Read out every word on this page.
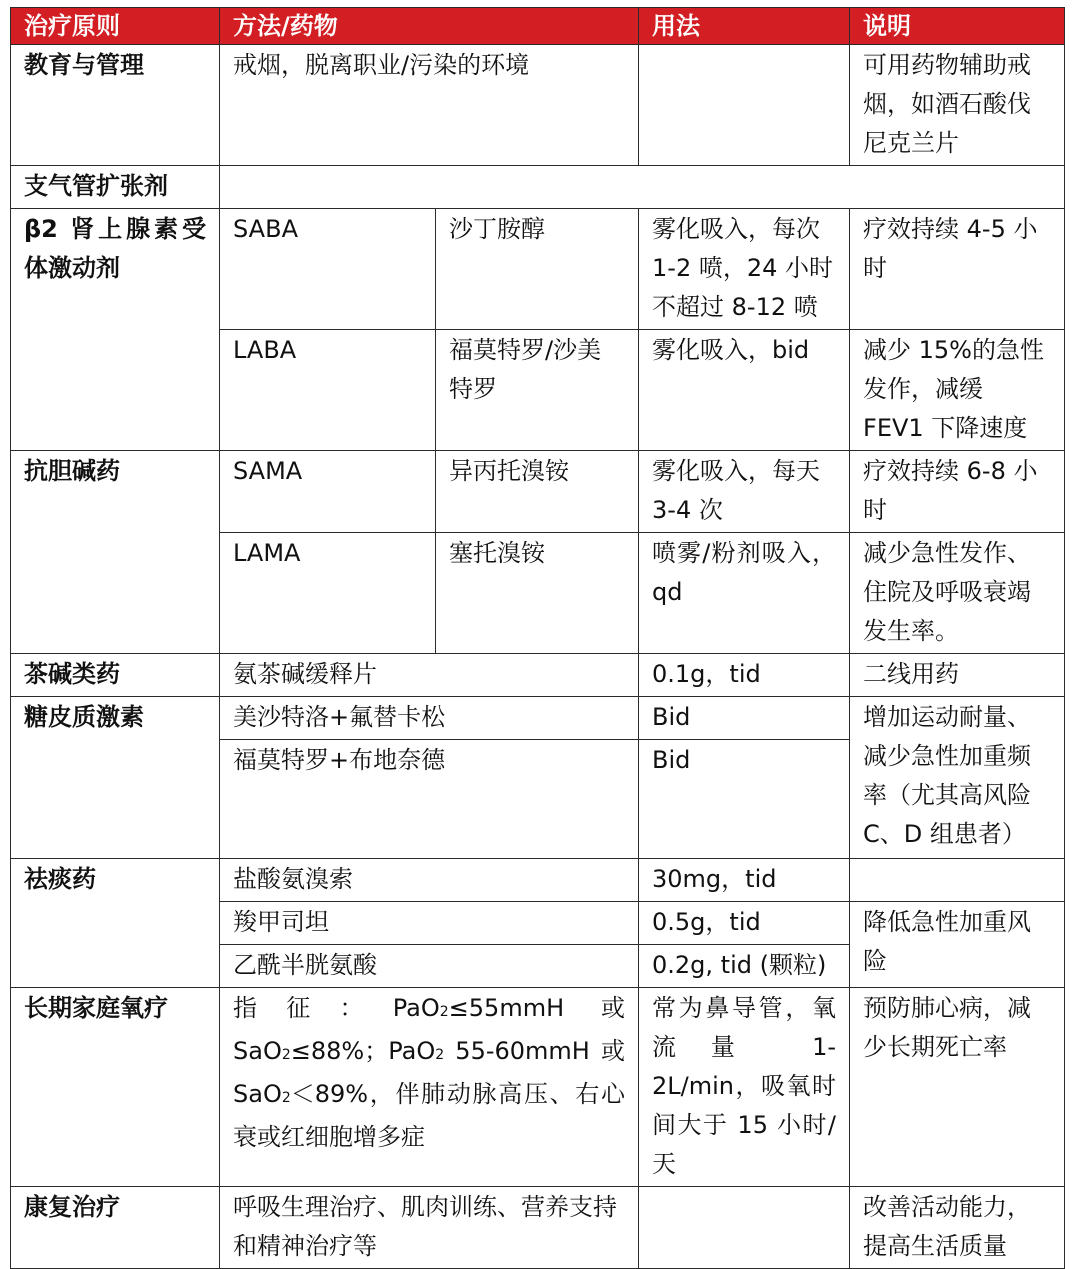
治疗原则	方法/药物		用法	说明
教育与管理	戒烟，脱离职业/污染的环境			可用药物辅助戒烟，如酒石酸伐尼克兰片
支气管扩张剂				
β2 肾上腺素受体激动剂	SABA	沙丁胺醇	雾化吸入，每次 1-2 喷，24 小时不超过 8-12 喷	疗效持续 4-5 小时
	LABA	福莫特罗/沙美特罗	雾化吸入，bid	减少 15%的急性发作，减缓 FEV1 下降速度
抗胆碱药	SAMA	异丙托溴铵	雾化吸入，每天 3-4 次	疗效持续 6-8 小时
	LAMA	塞托溴铵	喷雾/粉剂吸入，qd	减少急性发作、住院及呼吸衰竭发生率。
茶碱类药	氨茶碱缓释片		0.1g，tid	二线用药
糖皮质激素	美沙特洛+氟替卡松		Bid	增加运动耐量、减少急性加重频率（尤其高风险 C、D 组患者）
	福莫特罗+布地奈德		Bid	
祛痰药	盐酸氨溴索		30mg，tid	
	羧甲司坦		0.5g，tid	降低急性加重风险
	乙酰半胱氨酸		0.2g, tid (颗粒)	
长期家庭氧疗	指征：PaO2≤55mmH 或 SaO2≤88%；PaO2 55-60mmH 或 SaO2＜89%，伴肺动脉高压、右心衰或红细胞增多症		常为鼻导管，氧流量 1-2L/min，吸氧时间大于 15 小时/天	预防肺心病，减少长期死亡率
康复治疗	呼吸生理治疗、肌肉训练、营养支持和精神治疗等			改善活动能力，提高生活质量
